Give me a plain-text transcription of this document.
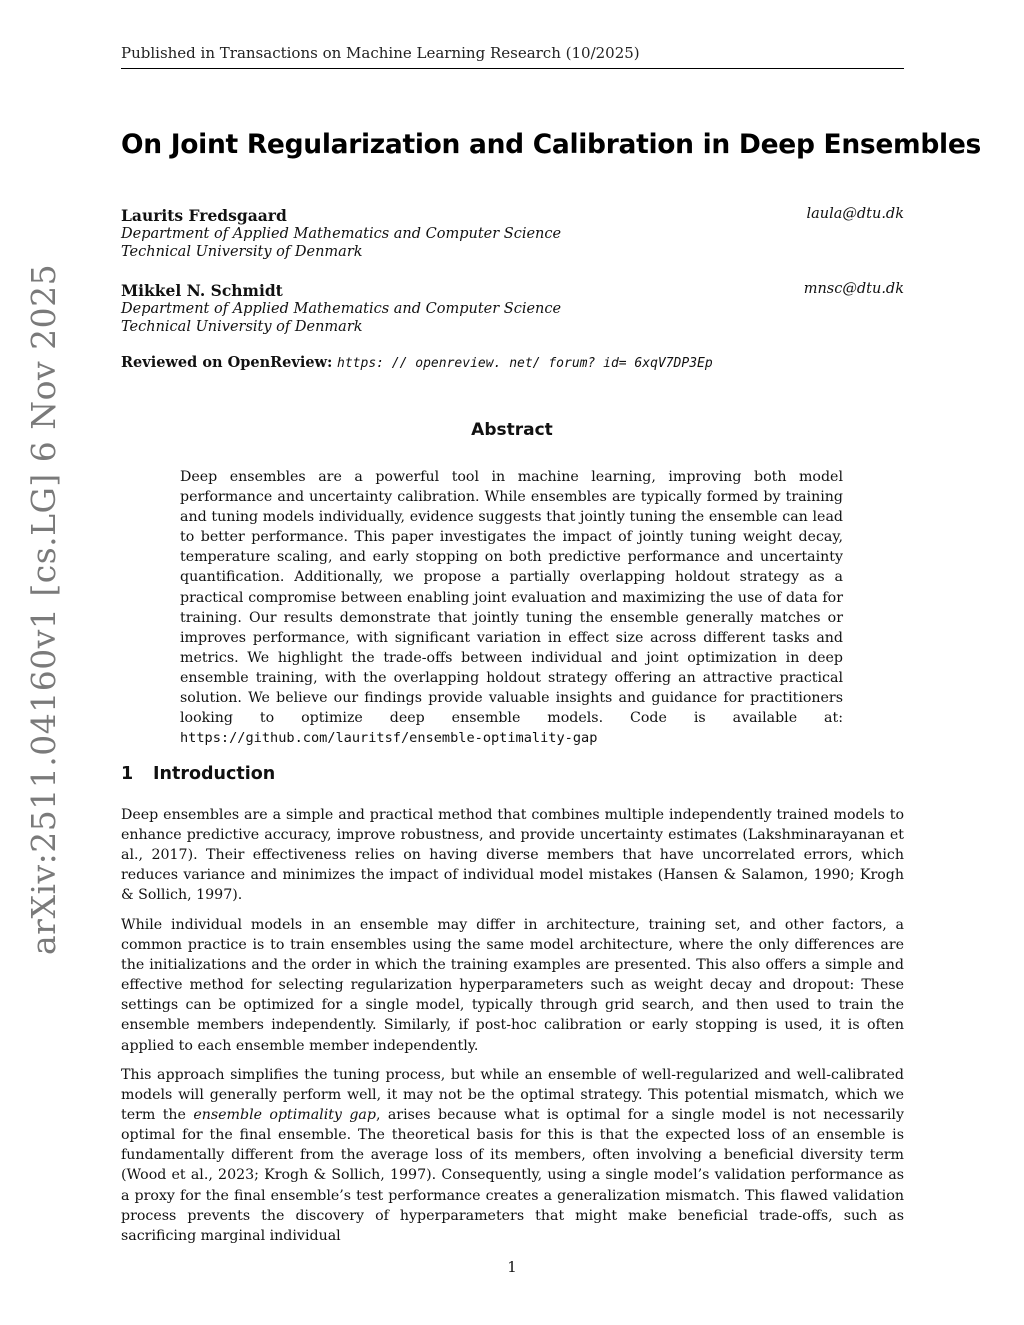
Published in Transactions on Machine Learning Research (10/2025)
On Joint Regularization and Calibration in Deep Ensembles
Laurits Fredsgaard	laula@dtu.dk
Department of Applied Mathematics and Computer Science
Technical University of Denmark
Mikkel N. Schmidt	mnsc@dtu.dk
Department of Applied Mathematics and Computer Science
Technical University of Denmark
Reviewed on OpenReview: https: // openreview. net/ forum? id= 6xqV7DP3Ep
Abstract
Deep ensembles are a powerful tool in machine learning, improving both model performance and uncertainty calibration. While ensembles are typically formed by training and tuning models individually, evidence suggests that jointly tuning the ensemble can lead to better performance. This paper investigates the impact of jointly tuning weight decay, temperature scaling, and early stopping on both predictive performance and uncertainty quantification. Additionally, we propose a partially overlapping holdout strategy as a practical compromise between enabling joint evaluation and maximizing the use of data for training. Our results demonstrate that jointly tuning the ensemble generally matches or improves performance, with significant variation in effect size across different tasks and metrics. We highlight the trade-offs between individual and joint optimization in deep ensemble training, with the overlapping holdout strategy offering an attractive practical solution. We believe our findings provide valuable insights and guidance for practitioners looking to optimize deep ensemble models. Code is available at: https://github.com/lauritsf/ensemble-optimality-gap
1 Introduction
Deep ensembles are a simple and practical method that combines multiple independently trained models to enhance predictive accuracy, improve robustness, and provide uncertainty estimates (Lakshminarayanan et al., 2017). Their effectiveness relies on having diverse members that have uncorrelated errors, which reduces variance and minimizes the impact of individual model mistakes (Hansen & Salamon, 1990; Krogh & Sollich, 1997).
While individual models in an ensemble may differ in architecture, training set, and other factors, a common practice is to train ensembles using the same model architecture, where the only differences are the initializations and the order in which the training examples are presented. This also offers a simple and effective method for selecting regularization hyperparameters such as weight decay and dropout: These settings can be optimized for a single model, typically through grid search, and then used to train the ensemble members independently. Similarly, if post-hoc calibration or early stopping is used, it is often applied to each ensemble member independently.
This approach simplifies the tuning process, but while an ensemble of well-regularized and well-calibrated models will generally perform well, it may not be the optimal strategy. This potential mismatch, which we term the ensemble optimality gap, arises because what is optimal for a single model is not necessarily optimal for the final ensemble. The theoretical basis for this is that the expected loss of an ensemble is fundamentally different from the average loss of its members, often involving a beneficial diversity term (Wood et al., 2023; Krogh & Sollich, 1997). Consequently, using a single model’s validation performance as a proxy for the final ensemble’s test performance creates a generalization mismatch. This flawed validation process prevents the discovery of hyperparameters that might make beneficial trade-offs, such as sacrificing marginal individual
1
arXiv:2511.04160v1 [cs.LG] 6 Nov 2025
